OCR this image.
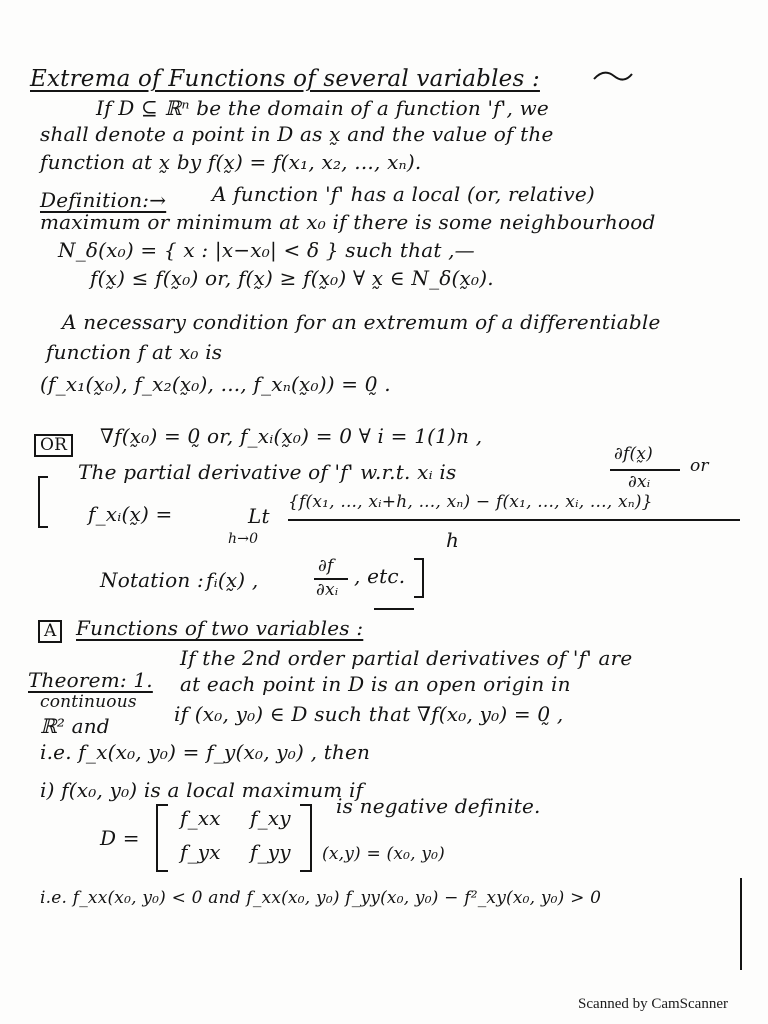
Extrema of Functions of several variables :
If D ⊆ ℝⁿ be the domain of a function 'f', we
shall denote a point in D as x̰ and the value of the
function at x̰ by f(x̰) = f(x₁, x₂, ..., xₙ).
Definition:→ A function 'f' has a local (or, relative)
maximum or minimum at x₀ if there is some neighbourhood
N_δ(x₀) = { x : |x−x₀| < δ } such that ,—
f(x̰) ≤ f(x̰₀) or, f(x̰) ≥ f(x̰₀) ∀ x̰ ∈ N_δ(x̰₀).
A necessary condition for an extremum of a differentiable
function f at x₀ is
(f_x₁(x̰₀), f_x₂(x̰₀), ..., f_xₙ(x̰₀)) = 0̰ .
OR	∇f(x̰₀) = 0̰ or, f_xᵢ(x̰₀) = 0 ∀ i = 1(1)n ,
The partial derivative of 'f' w.r.t. xᵢ is
∂f(x̰)
∂xᵢ
or
f_xᵢ(x̰) =	Lt
h→0
{f(x₁, ..., xᵢ+h, ..., xₙ) − f(x₁, ..., xᵢ, ..., xₙ)}
h
Notation : fᵢ(x̰) ,
∂f
∂xᵢ
, etc.
A Functions of two variables :
Theorem: 1.
If the 2nd order partial derivatives of 'f' are
continuous
at each point in D is an open origin in
ℝ² and	if (x₀, y₀) ∈ D such that ∇f(x₀, y₀) = 0̰ ,
i.e. f_x(x₀, y₀) = f_y(x₀, y₀) , then
i) f(x₀, y₀) is a local maximum if
D =
f_xx f_xy
f_yx f_yy
is negative definite.
(x,y) = (x₀, y₀)
i.e. f_xx(x₀, y₀) < 0 and f_xx(x₀, y₀) f_yy(x₀, y₀) − f²_xy(x₀, y₀) > 0
Scanned by CamScanner
